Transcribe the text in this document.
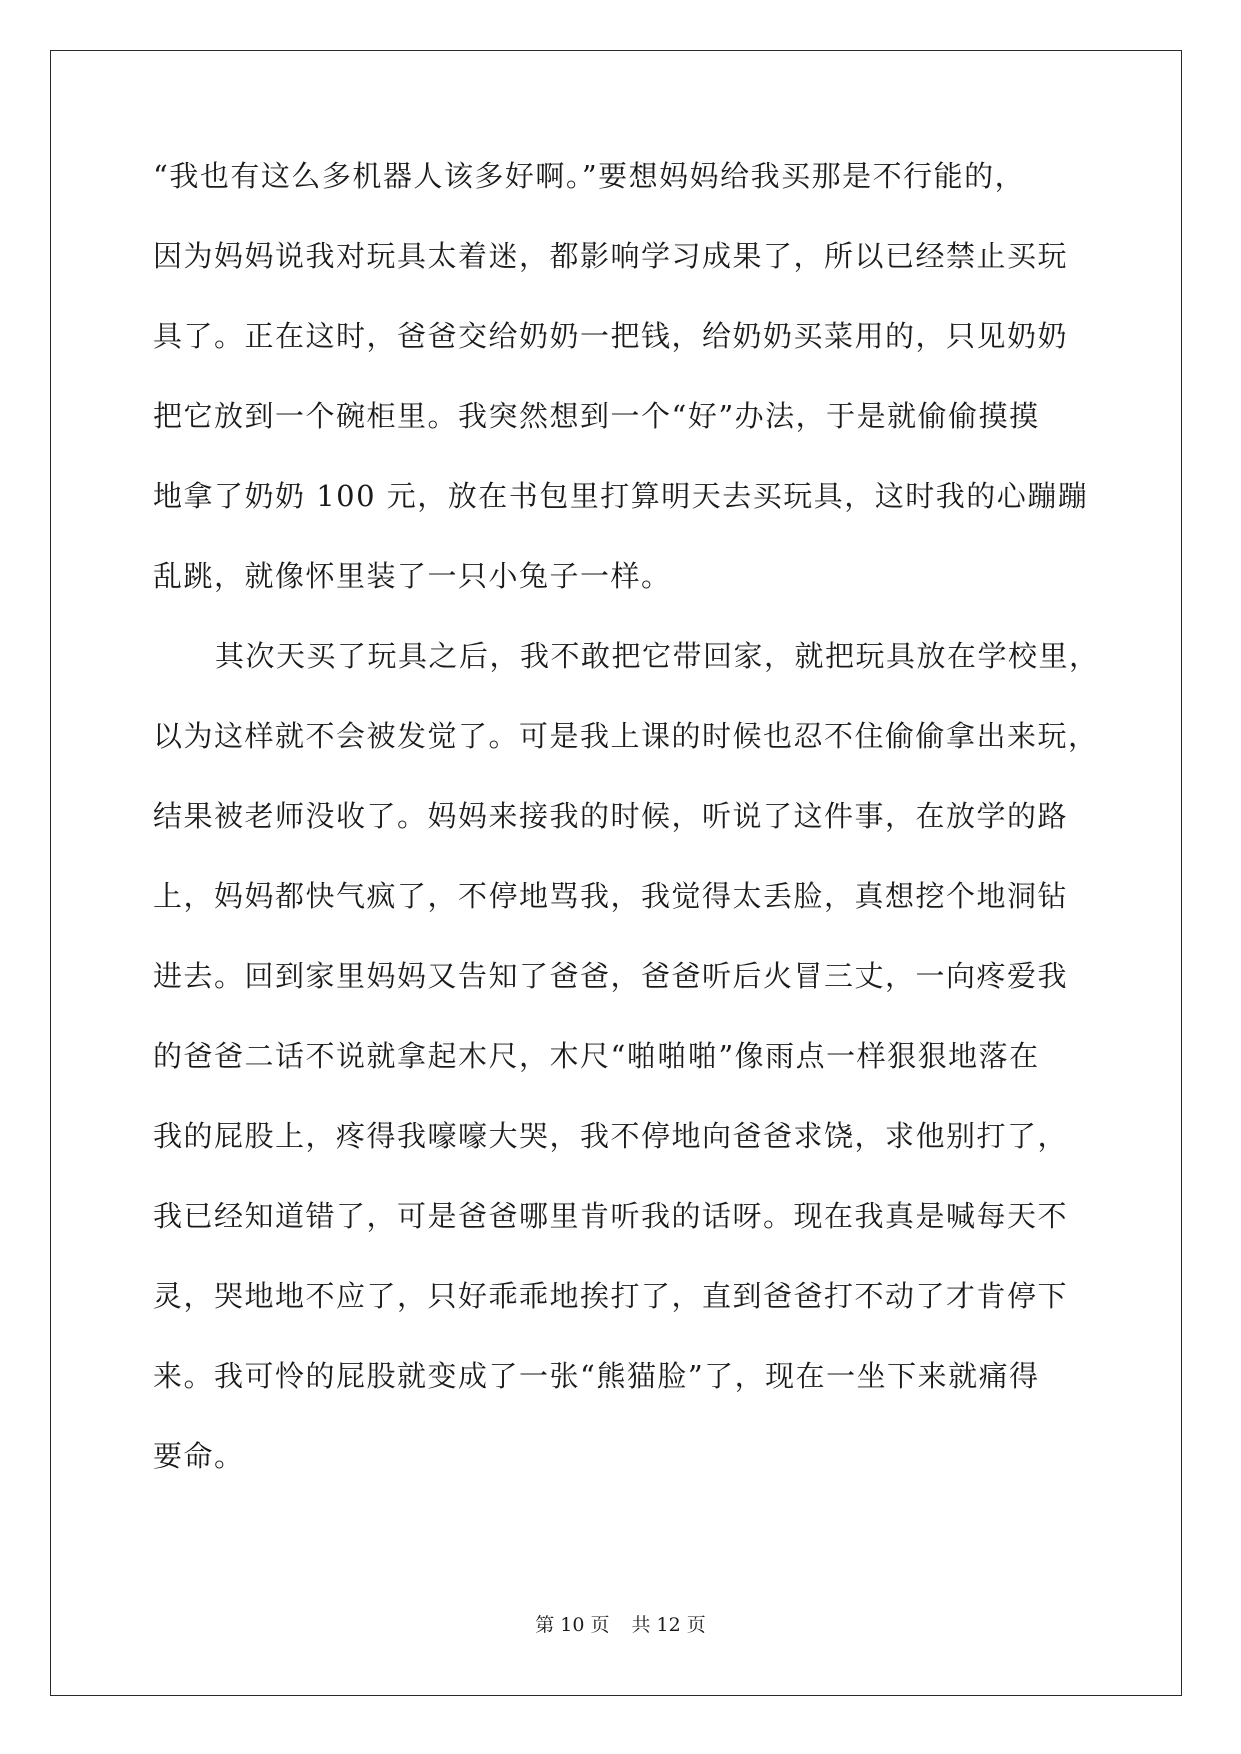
“我也有这么多机器人该多好啊。”要想妈妈给我买那是不行能的，
因为妈妈说我对玩具太着迷，都影响学习成果了，所以已经禁止买玩
具了。正在这时，爸爸交给奶奶一把钱，给奶奶买菜用的，只见奶奶
把它放到一个碗柜里。我突然想到一个“好”办法，于是就偷偷摸摸
地拿了奶奶 100 元，放在书包里打算明天去买玩具，这时我的心蹦蹦
乱跳，就像怀里装了一只小兔子一样。
其次天买了玩具之后，我不敢把它带回家，就把玩具放在学校里，
以为这样就不会被发觉了。可是我上课的时候也忍不住偷偷拿出来玩，
结果被老师没收了。妈妈来接我的时候，听说了这件事，在放学的路
上，妈妈都快气疯了，不停地骂我，我觉得太丢脸，真想挖个地洞钻
进去。回到家里妈妈又告知了爸爸，爸爸听后火冒三丈，一向疼爱我
的爸爸二话不说就拿起木尺，木尺“啪啪啪”像雨点一样狠狠地落在
我的屁股上，疼得我嚎嚎大哭，我不停地向爸爸求饶，求他别打了，
我已经知道错了，可是爸爸哪里肯听我的话呀。现在我真是喊每天不
灵，哭地地不应了，只好乖乖地挨打了，直到爸爸打不动了才肯停下
来。我可怜的屁股就变成了一张“熊猫脸”了，现在一坐下来就痛得
要命。
第 10 页 共 12 页
